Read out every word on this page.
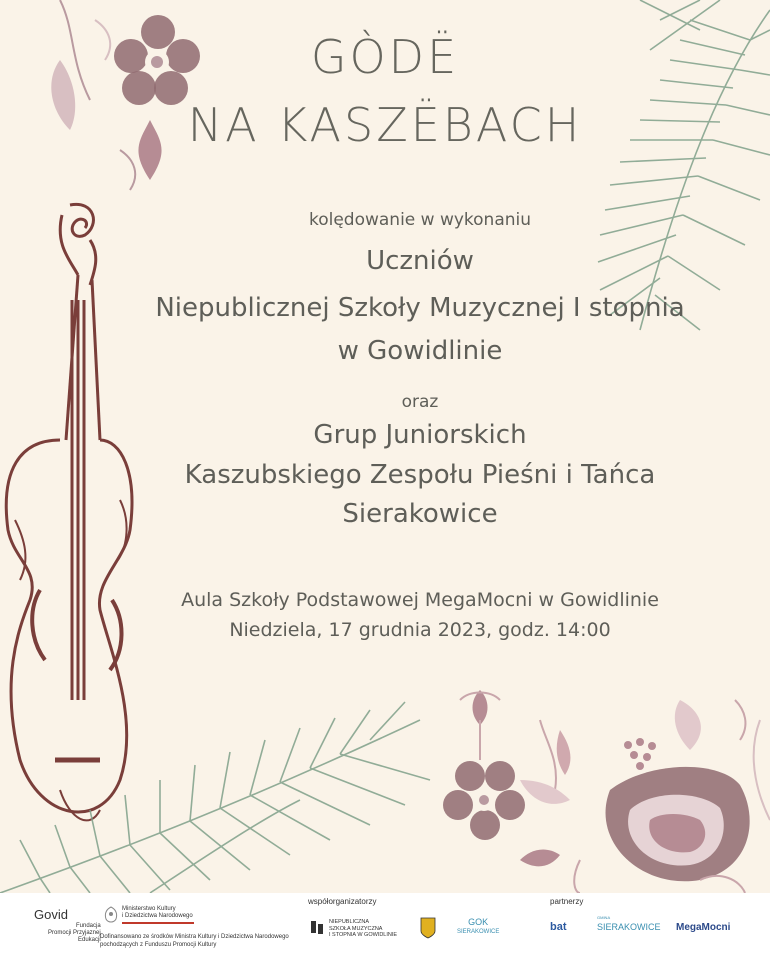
GÒDË
NA KASZËBACH
kolędowanie w wykonaniu
Uczniów
Niepublicznej Szkoły Muzycznej I stopnia
w Gowidlinie
oraz
Grup Juniorskich
Kaszubskiego Zespołu Pieśni i Tańca
Sierakowice
Aula Szkoły Podstawowej MegaMocni w Gowidlinie
Niedziela, 17 grudnia 2023, godz. 14:00
Govid
Fundacja
Promocji Przyjaznej
Edukacji
Ministerstwo Kultury
i Dziedzictwa Narodowego
Dofinansowano ze środków Ministra Kultury i Dziedzictwa Narodowego
pochodzących z Funduszu Promocji Kultury
współorganizatorzy
NIEPUBLICZNA
SZKOŁA MUZYCZNA
I STOPNIA W GOWIDLINIE
GOK
SIERAKOWICE
partnerzy
bat
GMINA
SIERAKOWICE MegaMocni
